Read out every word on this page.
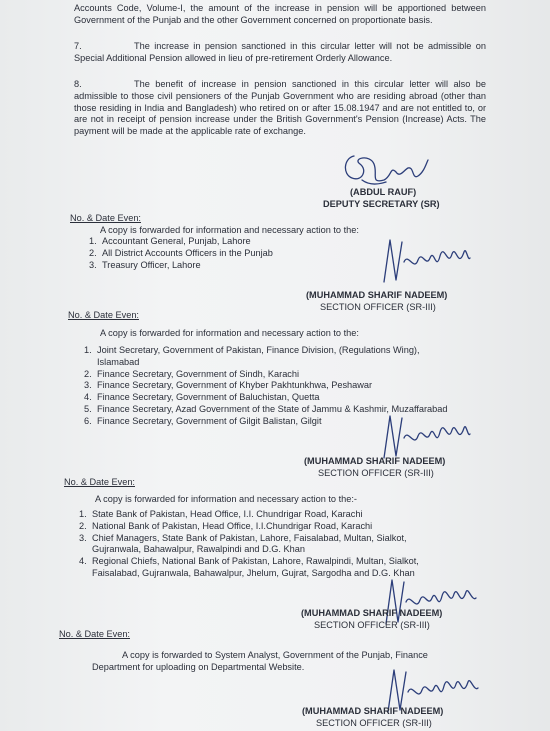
Accounts Code, Volume-I, the amount of the increase in pension will be apportioned between Government of the Punjab and the other Government concerned on proportionate basis.
7.	The increase in pension sanctioned in this circular letter will not be admissible on Special Additional Pension allowed in lieu of pre-retirement Orderly Allowance.
8.	The benefit of increase in pension sanctioned in this circular letter will also be admissible to those civil pensioners of the Punjab Government who are residing abroad (other than those residing in India and Bangladesh) who retired on or after 15.08.1947 and are not entitled to, or are not in receipt of pension increase under the British Government's Pension (Increase) Acts. The payment will be made at the applicable rate of exchange.
(ABDUL RAUF)
DEPUTY SECRETARY (SR)
No. & Date Even:
A copy is forwarded for information and necessary action to the:
1. Accountant General, Punjab, Lahore
2. All District Accounts Officers in the Punjab
3. Treasury Officer, Lahore
(MUHAMMAD SHARIF NADEEM)
SECTION OFFICER (SR-III)
No. & Date Even:
A copy is forwarded for information and necessary action to the:
1. Joint Secretary, Government of Pakistan, Finance Division, (Regulations Wing),
Islamabad
2. Finance Secretary, Government of Sindh, Karachi
3. Finance Secretary, Government of Khyber Pakhtunkhwa, Peshawar
4. Finance Secretary, Government of Baluchistan, Quetta
5. Finance Secretary, Azad Government of the State of Jammu & Kashmir, Muzaffarabad
6. Finance Secretary, Government of Gilgit Balistan, Gilgit
(MUHAMMAD SHARIF NADEEM)
SECTION OFFICER (SR-III)
No. & Date Even:
A copy is forwarded for information and necessary action to the:-
1. State Bank of Pakistan, Head Office, I.I. Chundrigar Road, Karachi
2. National Bank of Pakistan, Head Office, I.I.Chundrigar Road, Karachi
3. Chief Managers, State Bank of Pakistan, Lahore, Faisalabad, Multan, Sialkot,
Gujranwala, Bahawalpur, Rawalpindi and D.G. Khan
4. Regional Chiefs, National Bank of Pakistan, Lahore, Rawalpindi, Multan, Sialkot,
Faisalabad, Gujranwala, Bahawalpur, Jhelum, Gujrat, Sargodha and D.G. Khan
(MUHAMMAD SHARIF NADEEM)
SECTION OFFICER (SR-III)
No. & Date Even:
A copy is forwarded to System Analyst, Government of the Punjab, Finance
Department for uploading on Departmental Website.
(MUHAMMAD SHARIF NADEEM)
SECTION OFFICER (SR-III)
